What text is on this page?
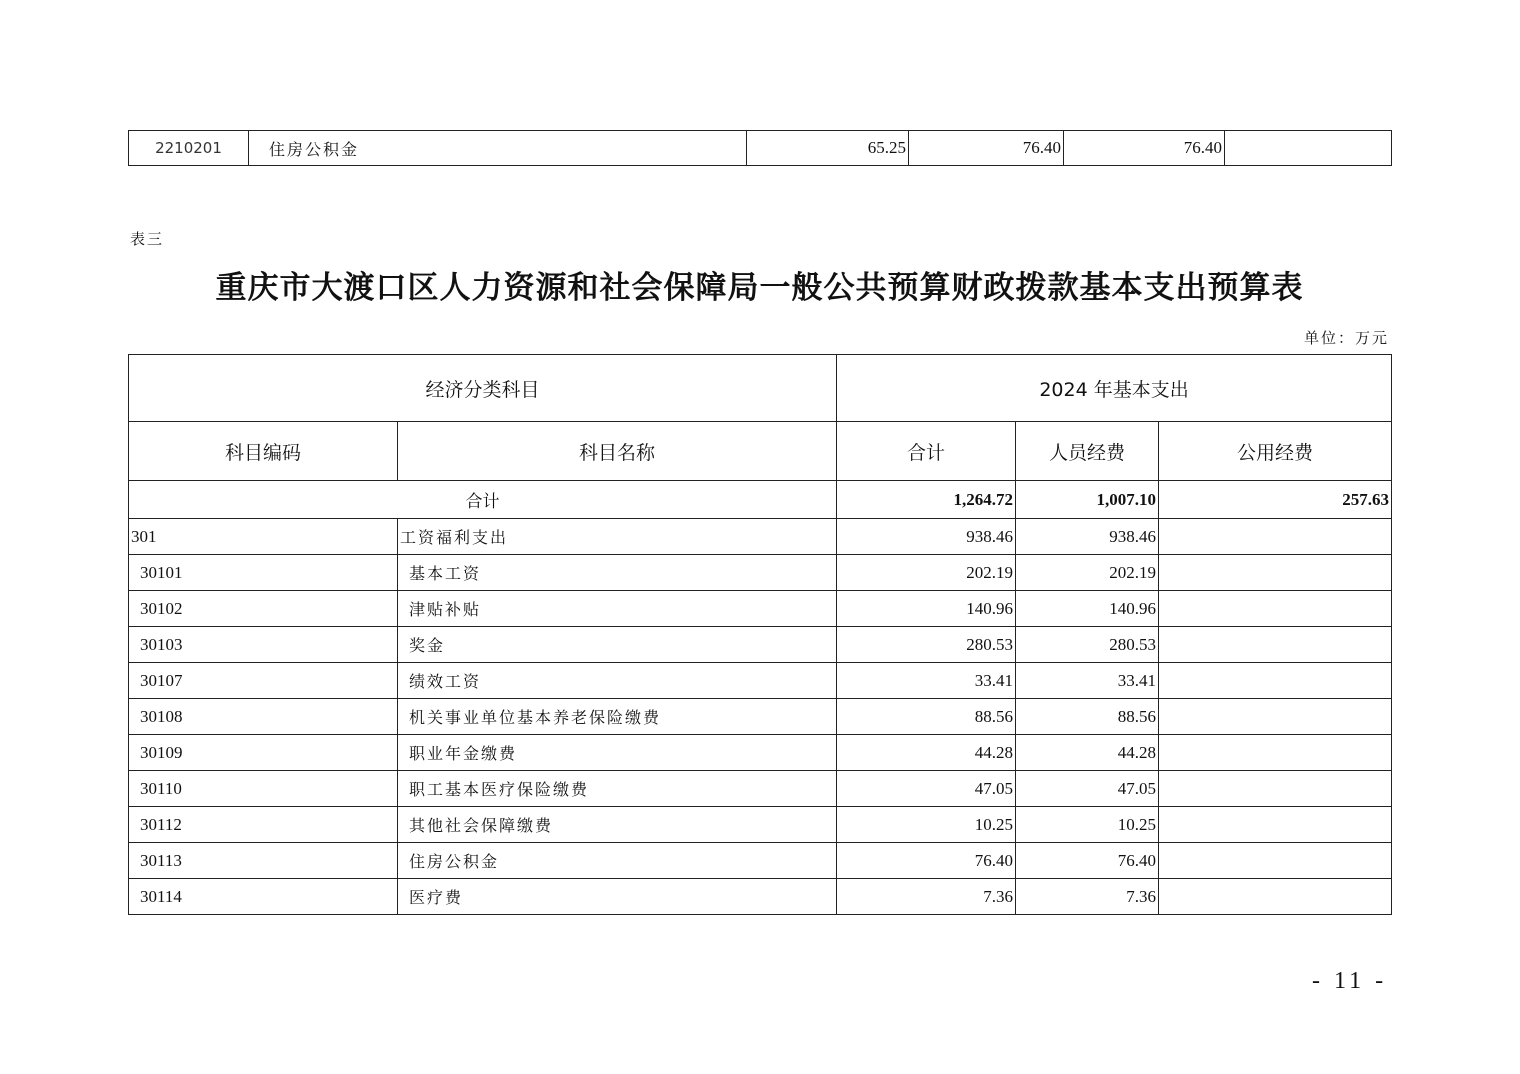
2210201	住房公积金	65.25	76.40	76.40	
表三
重庆市大渡口区人力资源和社会保障局一般公共预算财政拨款基本支出预算表
单位：万元
经济分类科目		2024 年基本支出		
科目编码	科目名称	合计	人员经费	公用经费
合计		1,264.72	1,007.10	257.63
301	工资福利支出	938.46	938.46	
30101	基本工资	202.19	202.19	
30102	津贴补贴	140.96	140.96	
30103	奖金	280.53	280.53	
30107	绩效工资	33.41	33.41	
30108	机关事业单位基本养老保险缴费	88.56	88.56	
30109	职业年金缴费	44.28	44.28	
30110	职工基本医疗保险缴费	47.05	47.05	
30112	其他社会保障缴费	10.25	10.25	
30113	住房公积金	76.40	76.40	
30114	医疗费	7.36	7.36	
- 11 -
